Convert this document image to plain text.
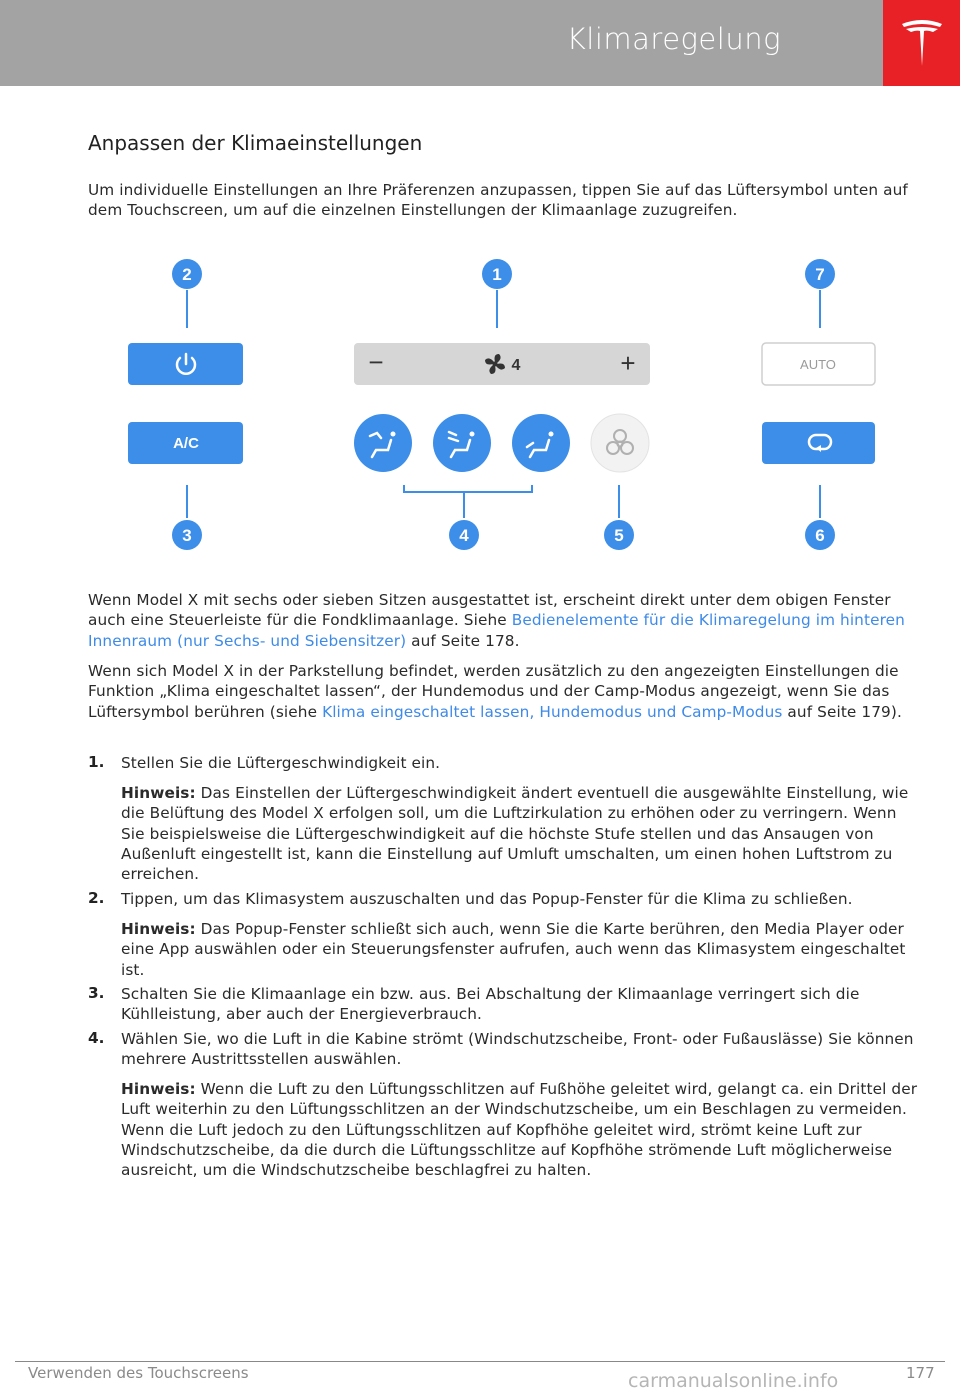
Klimaregelung
Anpassen der Klimaeinstellungen
Um individuelle Einstellungen an Ihre Präferenzen anzupassen, tippen Sie auf das Lüftersymbol unten auf dem Touchscreen, um auf die einzelnen Einstellungen der Klimaanlage zuzugreifen.
2	1	7
3	4	5	6
A/C
−	+
4	AUTO
Wenn Model X mit sechs oder sieben Sitzen ausgestattet ist, erscheint direkt unter dem obigen Fenster auch eine Steuerleiste für die Fondklimaanlage. Siehe Bedienelemente für die Klimaregelung im hinteren Innenraum (nur Sechs- und Siebensitzer) auf Seite 178.
Wenn sich Model X in der Parkstellung befindet, werden zusätzlich zu den angezeigten Einstellungen die Funktion „Klima eingeschaltet lassen“, der Hundemodus und der Camp-Modus angezeigt, wenn Sie das Lüftersymbol berühren (siehe Klima eingeschaltet lassen, Hundemodus und Camp-Modus auf Seite 179).
1. Stellen Sie die Lüftergeschwindigkeit ein.
Hinweis: Das Einstellen der Lüftergeschwindigkeit ändert eventuell die ausgewählte Einstellung, wie die Belüftung des Model X erfolgen soll, um die Luftzirkulation zu erhöhen oder zu verringern. Wenn Sie beispielsweise die Lüftergeschwindigkeit auf die höchste Stufe stellen und das Ansaugen von Außenluft eingestellt ist, kann die Einstellung auf Umluft umschalten, um einen hohen Luftstrom zu erreichen.
2. Tippen, um das Klimasystem auszuschalten und das Popup-Fenster für die Klima zu schließen.
Hinweis: Das Popup-Fenster schließt sich auch, wenn Sie die Karte berühren, den Media Player oder eine App auswählen oder ein Steuerungsfenster aufrufen, auch wenn das Klimasystem eingeschaltet ist.
3. Schalten Sie die Klimaanlage ein bzw. aus. Bei Abschaltung der Klimaanlage verringert sich die Kühlleistung, aber auch der Energieverbrauch.
4. Wählen Sie, wo die Luft in die Kabine strömt (Windschutzscheibe, Front- oder Fußauslässe) Sie können mehrere Austrittsstellen auswählen.
Hinweis: Wenn die Luft zu den Lüftungsschlitzen auf Fußhöhe geleitet wird, gelangt ca. ein Drittel der Luft weiterhin zu den Lüftungsschlitzen an der Windschutzscheibe, um ein Beschlagen zu vermeiden. Wenn die Luft jedoch zu den Lüftungsschlitzen auf Kopfhöhe geleitet wird, strömt keine Luft zur Windschutzscheibe, da die durch die Lüftungsschlitze auf Kopfhöhe strömende Luft möglicherweise ausreicht, um die Windschutzscheibe beschlagfrei zu halten.
Verwenden des Touchscreens	177
carmanualsonline.info
